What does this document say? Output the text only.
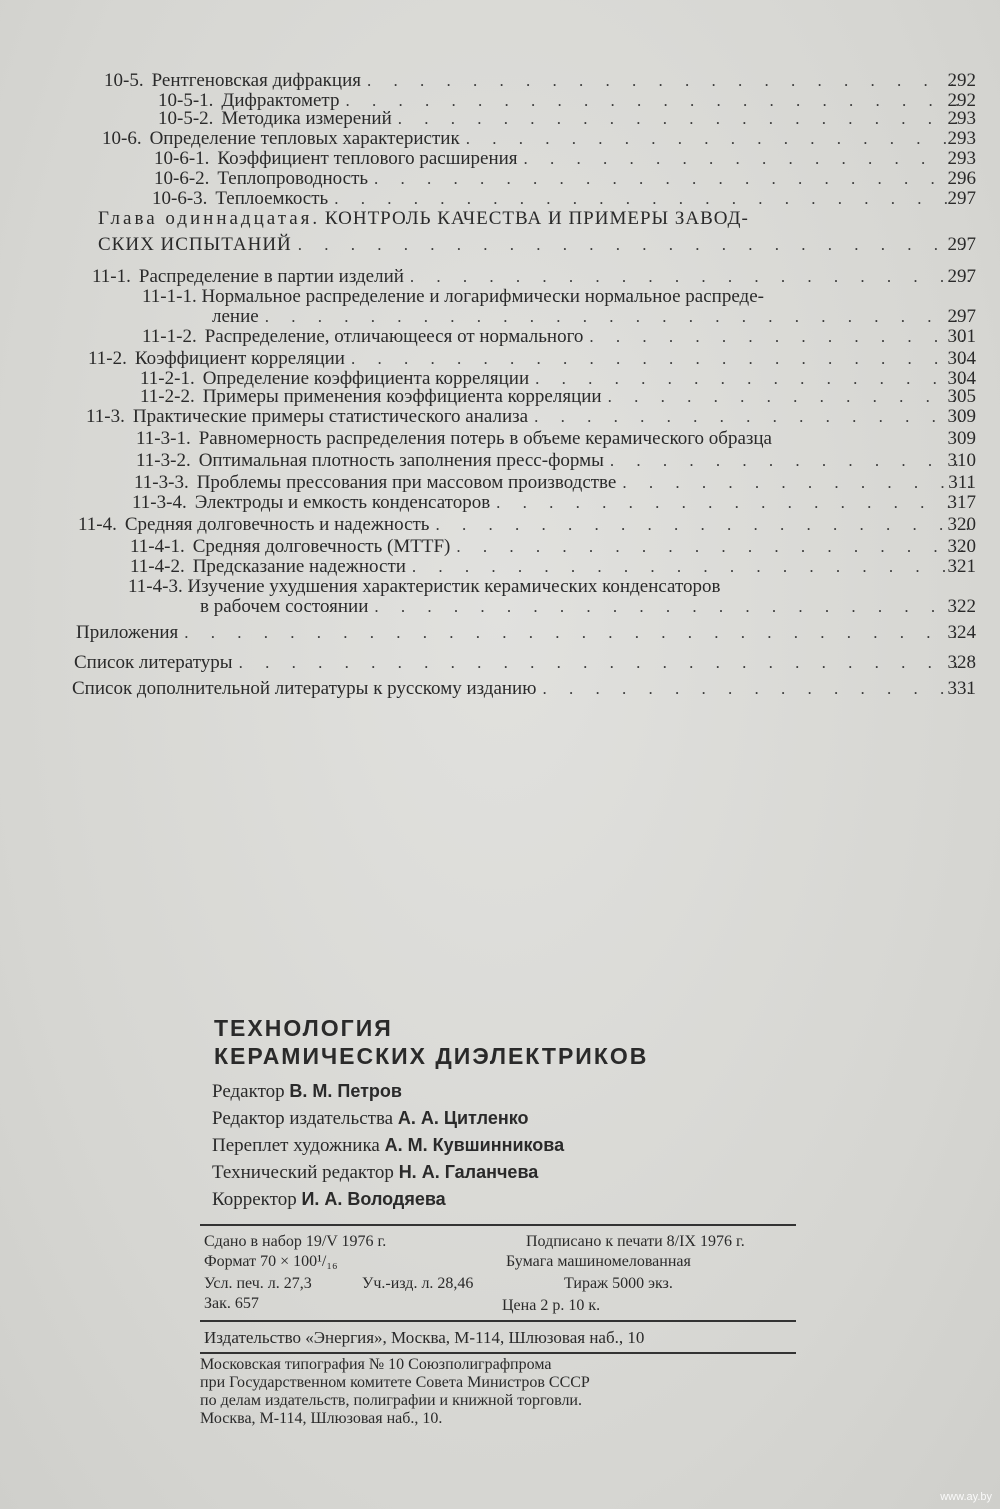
10-5. Рентгеновская дифракция . . .	292
10-5-1. Дифрактометр . . .	292
10-5-2. Методика измерений . . .	293
10-6. Определение тепловых характеристик . . .	293
10-6-1. Коэффициент теплового расширения . . .	293
10-6-2. Теплопроводность . . .	296
10-6-3. Теплоемкость . . .	297
Глава одиннадцатая. КОНТРОЛЬ КАЧЕСТВА И ПРИМЕРЫ ЗАВОД-
СКИХ ИСПЫТАНИЙ . . .	297
11-1. Распределение в партии изделий . . .	297
11-1-1. Нормальное распределение и логарифмически нормальное распреде-
ление . . .	297
11-1-2. Распределение, отличающееся от нормального . . .	301
11-2. Коэффициент корреляции . . .	304
11-2-1. Определение коэффициента корреляции . . .	304
11-2-2. Примеры применения коэффициента корреляции . . .	305
11-3. Практические примеры статистического анализа . . .	309
11-3-1. Равномерность распределения потерь в объеме керамического образца	309
11-3-2. Оптимальная плотность заполнения пресс-формы . . .	310
11-3-3. Проблемы прессования при массовом производстве . . .	311
11-3-4. Электроды и емкость конденсаторов . . .	317
11-4. Средняя долговечность и надежность . . .	320
11-4-1. Средняя долговечность (MTTF) . . .	320
11-4-2. Предсказание надежности . . .	321
11-4-3. Изучение ухудшения характеристик керамических конденсаторов
в рабочем состоянии . . .	322
Приложения . . .	324
Список литературы . . .	328
Список дополнительной литературы к русскому изданию . . .	331
ТЕХНОЛОГИЯ
КЕРАМИЧЕСКИХ ДИЭЛЕКТРИКОВ
Редактор В. М. Петров
Редактор издательства А. А. Цитленко
Переплет художника А. М. Кувшинникова
Технический редактор Н. А. Галанчева
Корректор И. А. Володяева
Сдано в набор 19/V 1976 г.	Подписано к печати 8/IX 1976 г.
Формат 70 × 100¹/₁₆	Бумага машиномелованная
Усл. печ. л. 27,3	Уч.-изд. л. 28,46	Тираж 5000 экз.
Зак. 657	Цена 2 р. 10 к.
Издательство «Энергия», Москва, М-114, Шлюзовая наб., 10
Московская типография № 10 Союзполиграфпрома
при Государственном комитете Совета Министров СССР
по делам издательств, полиграфии и книжной торговли.
Москва, М-114, Шлюзовая наб., 10.
www.ay.by
